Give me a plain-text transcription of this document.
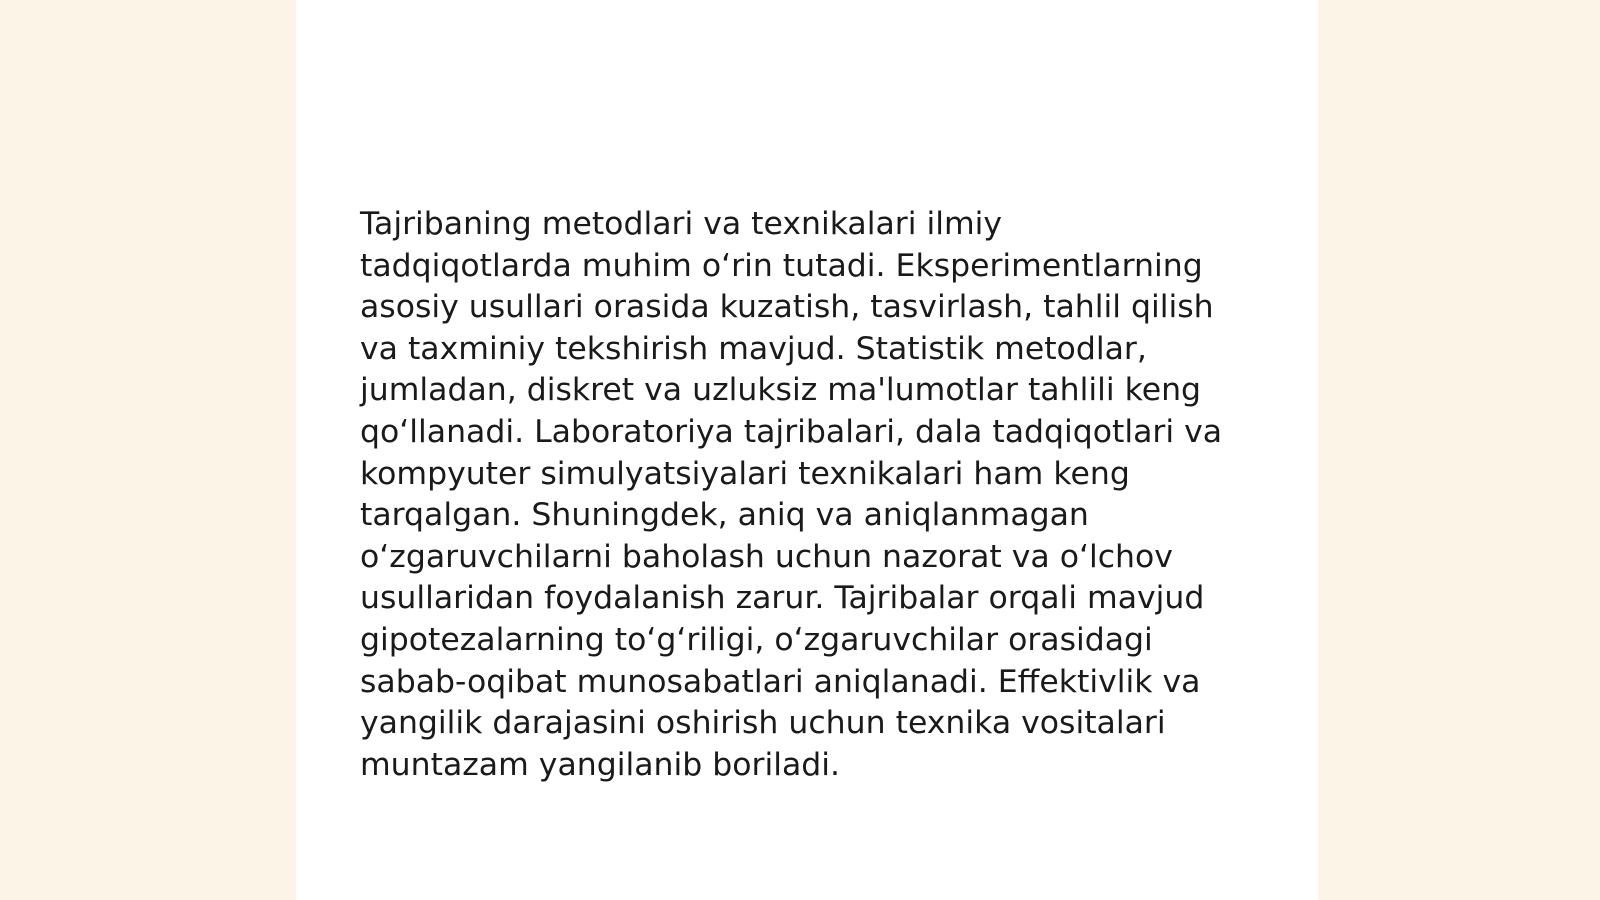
Tajribaning metodlari va texnikalari ilmiy
tadqiqotlarda muhim o‘rin tutadi. Eksperimentlarning
asosiy usullari orasida kuzatish, tasvirlash, tahlil qilish
va taxminiy tekshirish mavjud. Statistik metodlar,
jumladan, diskret va uzluksiz ma'lumotlar tahlili keng
qo‘llanadi. Laboratoriya tajribalari, dala tadqiqotlari va
kompyuter simulyatsiyalari texnikalari ham keng
tarqalgan. Shuningdek, aniq va aniqlanmagan
o‘zgaruvchilarni baholash uchun nazorat va o‘lchov
usullaridan foydalanish zarur. Tajribalar orqali mavjud
gipotezalarning to‘g‘riligi, o‘zgaruvchilar orasidagi
sabab-oqibat munosabatlari aniqlanadi. Effektivlik va
yangilik darajasini oshirish uchun texnika vositalari
muntazam yangilanib boriladi.
